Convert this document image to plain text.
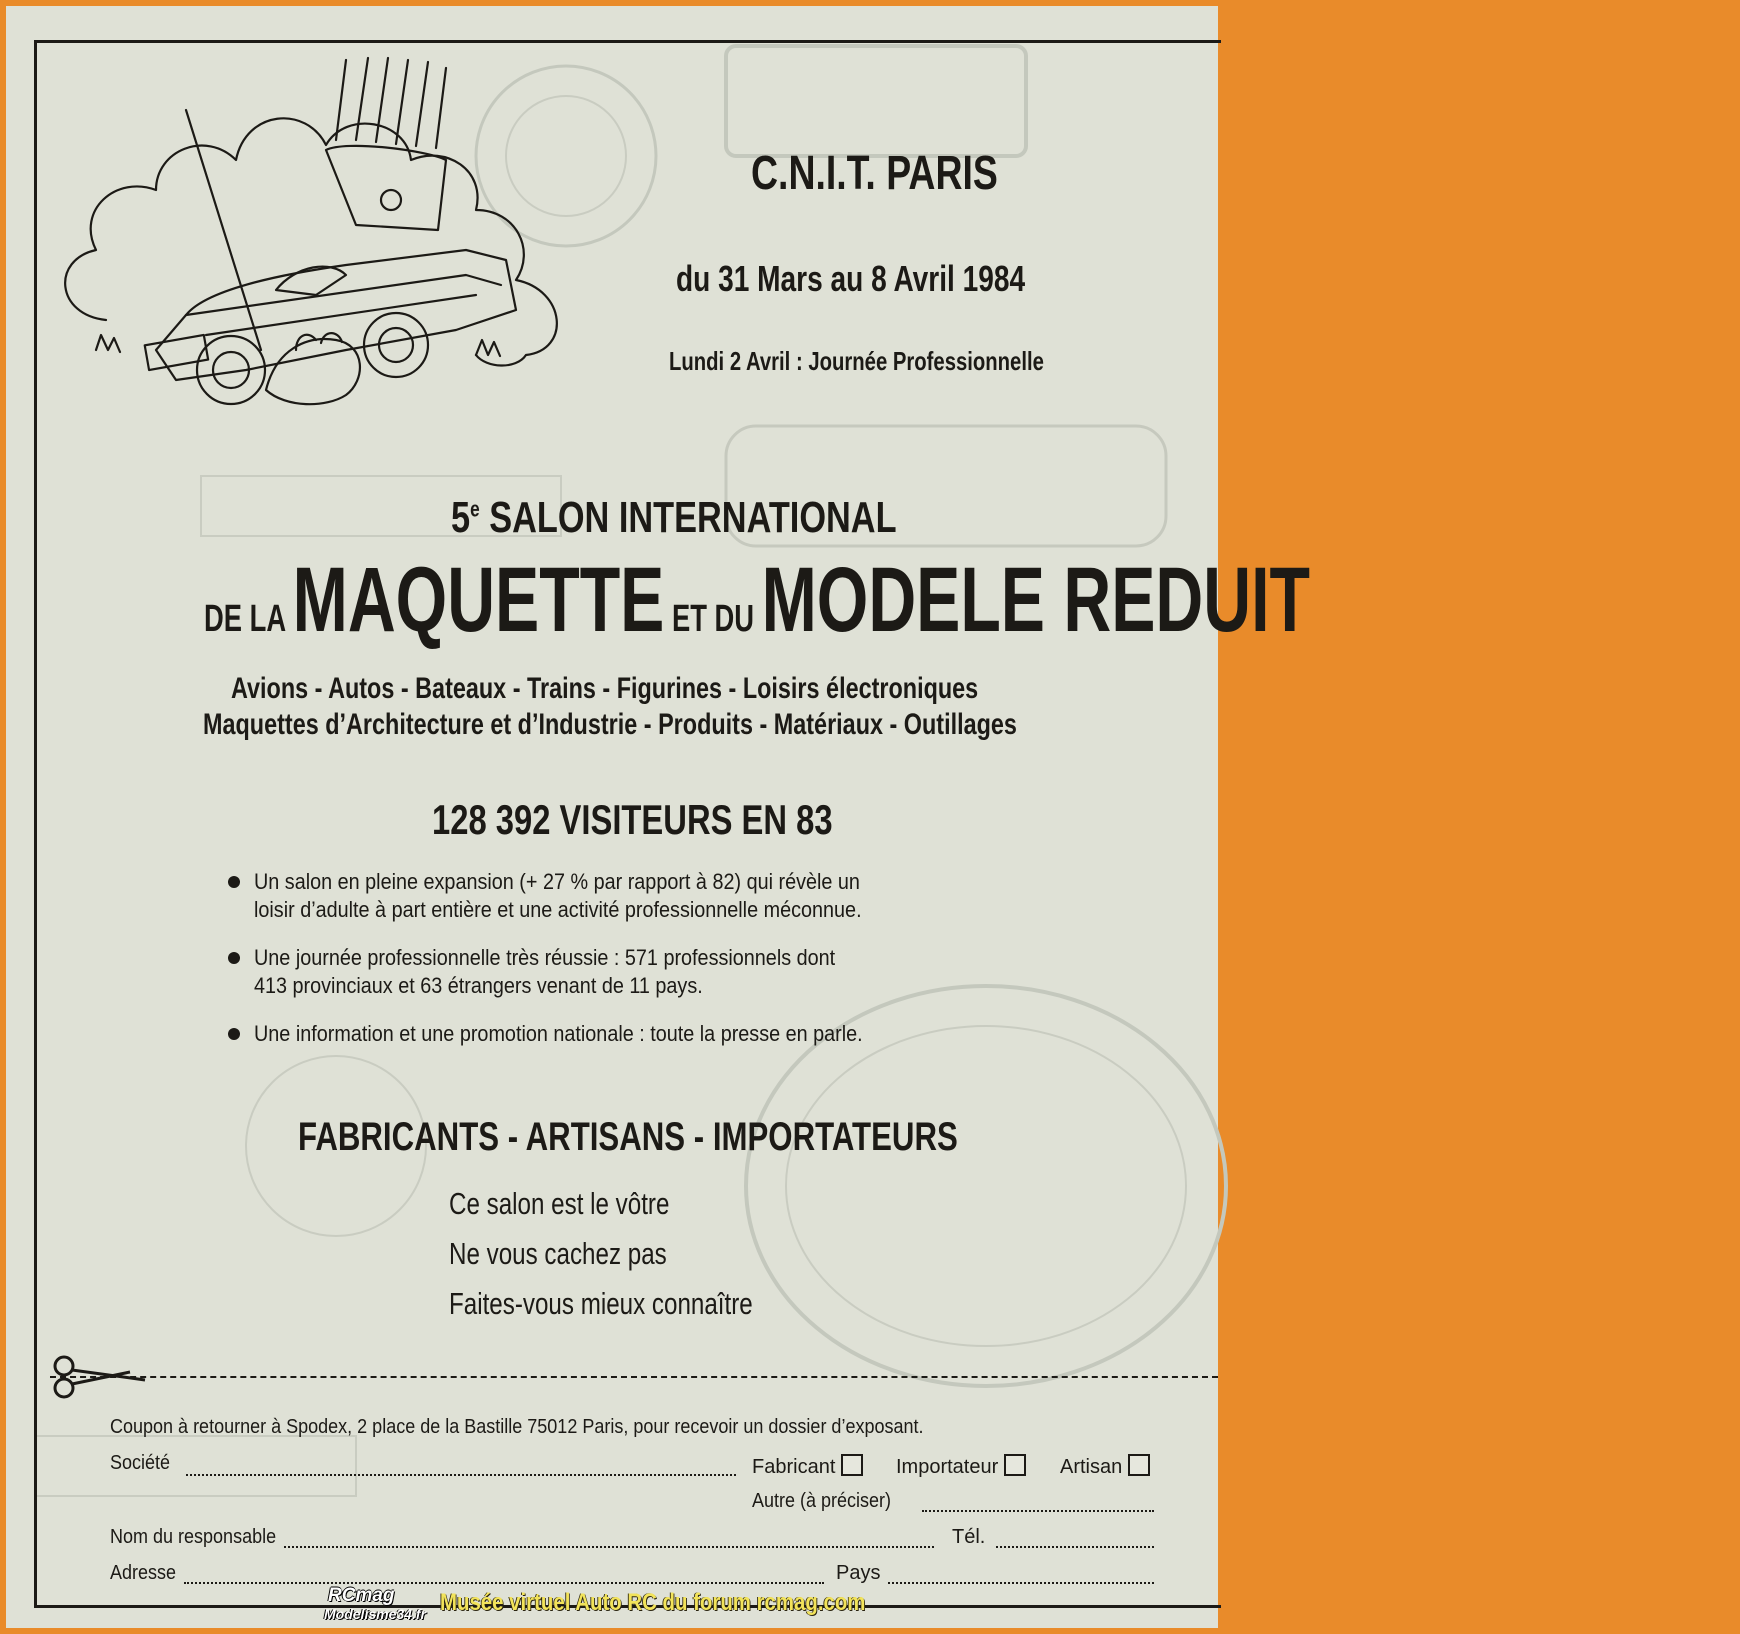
C.N.I.T. PARIS
du 31 Mars au 8 Avril 1984
Lundi 2 Avril : Journée Professionnelle
5e SALON INTERNATIONAL
DE LA MAQUETTE ET DU MODELE REDUIT
Avions - Autos - Bateaux - Trains - Figurines - Loisirs électroniques
Maquettes d’Architecture et d’Industrie - Produits - Matériaux - Outillages
128 392 VISITEURS EN 83
Un salon en pleine expansion (+ 27 % par rapport à 82) qui révèle un loisir d’adulte à part entière et une activité professionnelle méconnue.
Une journée professionnelle très réussie : 571 professionnels dont 413 provinciaux et 63 étrangers venant de 11 pays.
Une information et une promotion nationale : toute la presse en parle.
FABRICANTS - ARTISANS - IMPORTATEURS
Ce salon est le vôtre
Ne vous cachez pas
Faites-vous mieux connaître
Coupon à retourner à Spodex, 2 place de la Bastille 75012 Paris, pour recevoir un dossier d’exposant.
Société	Fabricant	Importateur	Artisan
Autre (à préciser)
Nom du responsable	Tél.
Adresse	Pays
RCmag
Modelisme34.fr Musée virtuel Auto RC du forum rcmag.com
